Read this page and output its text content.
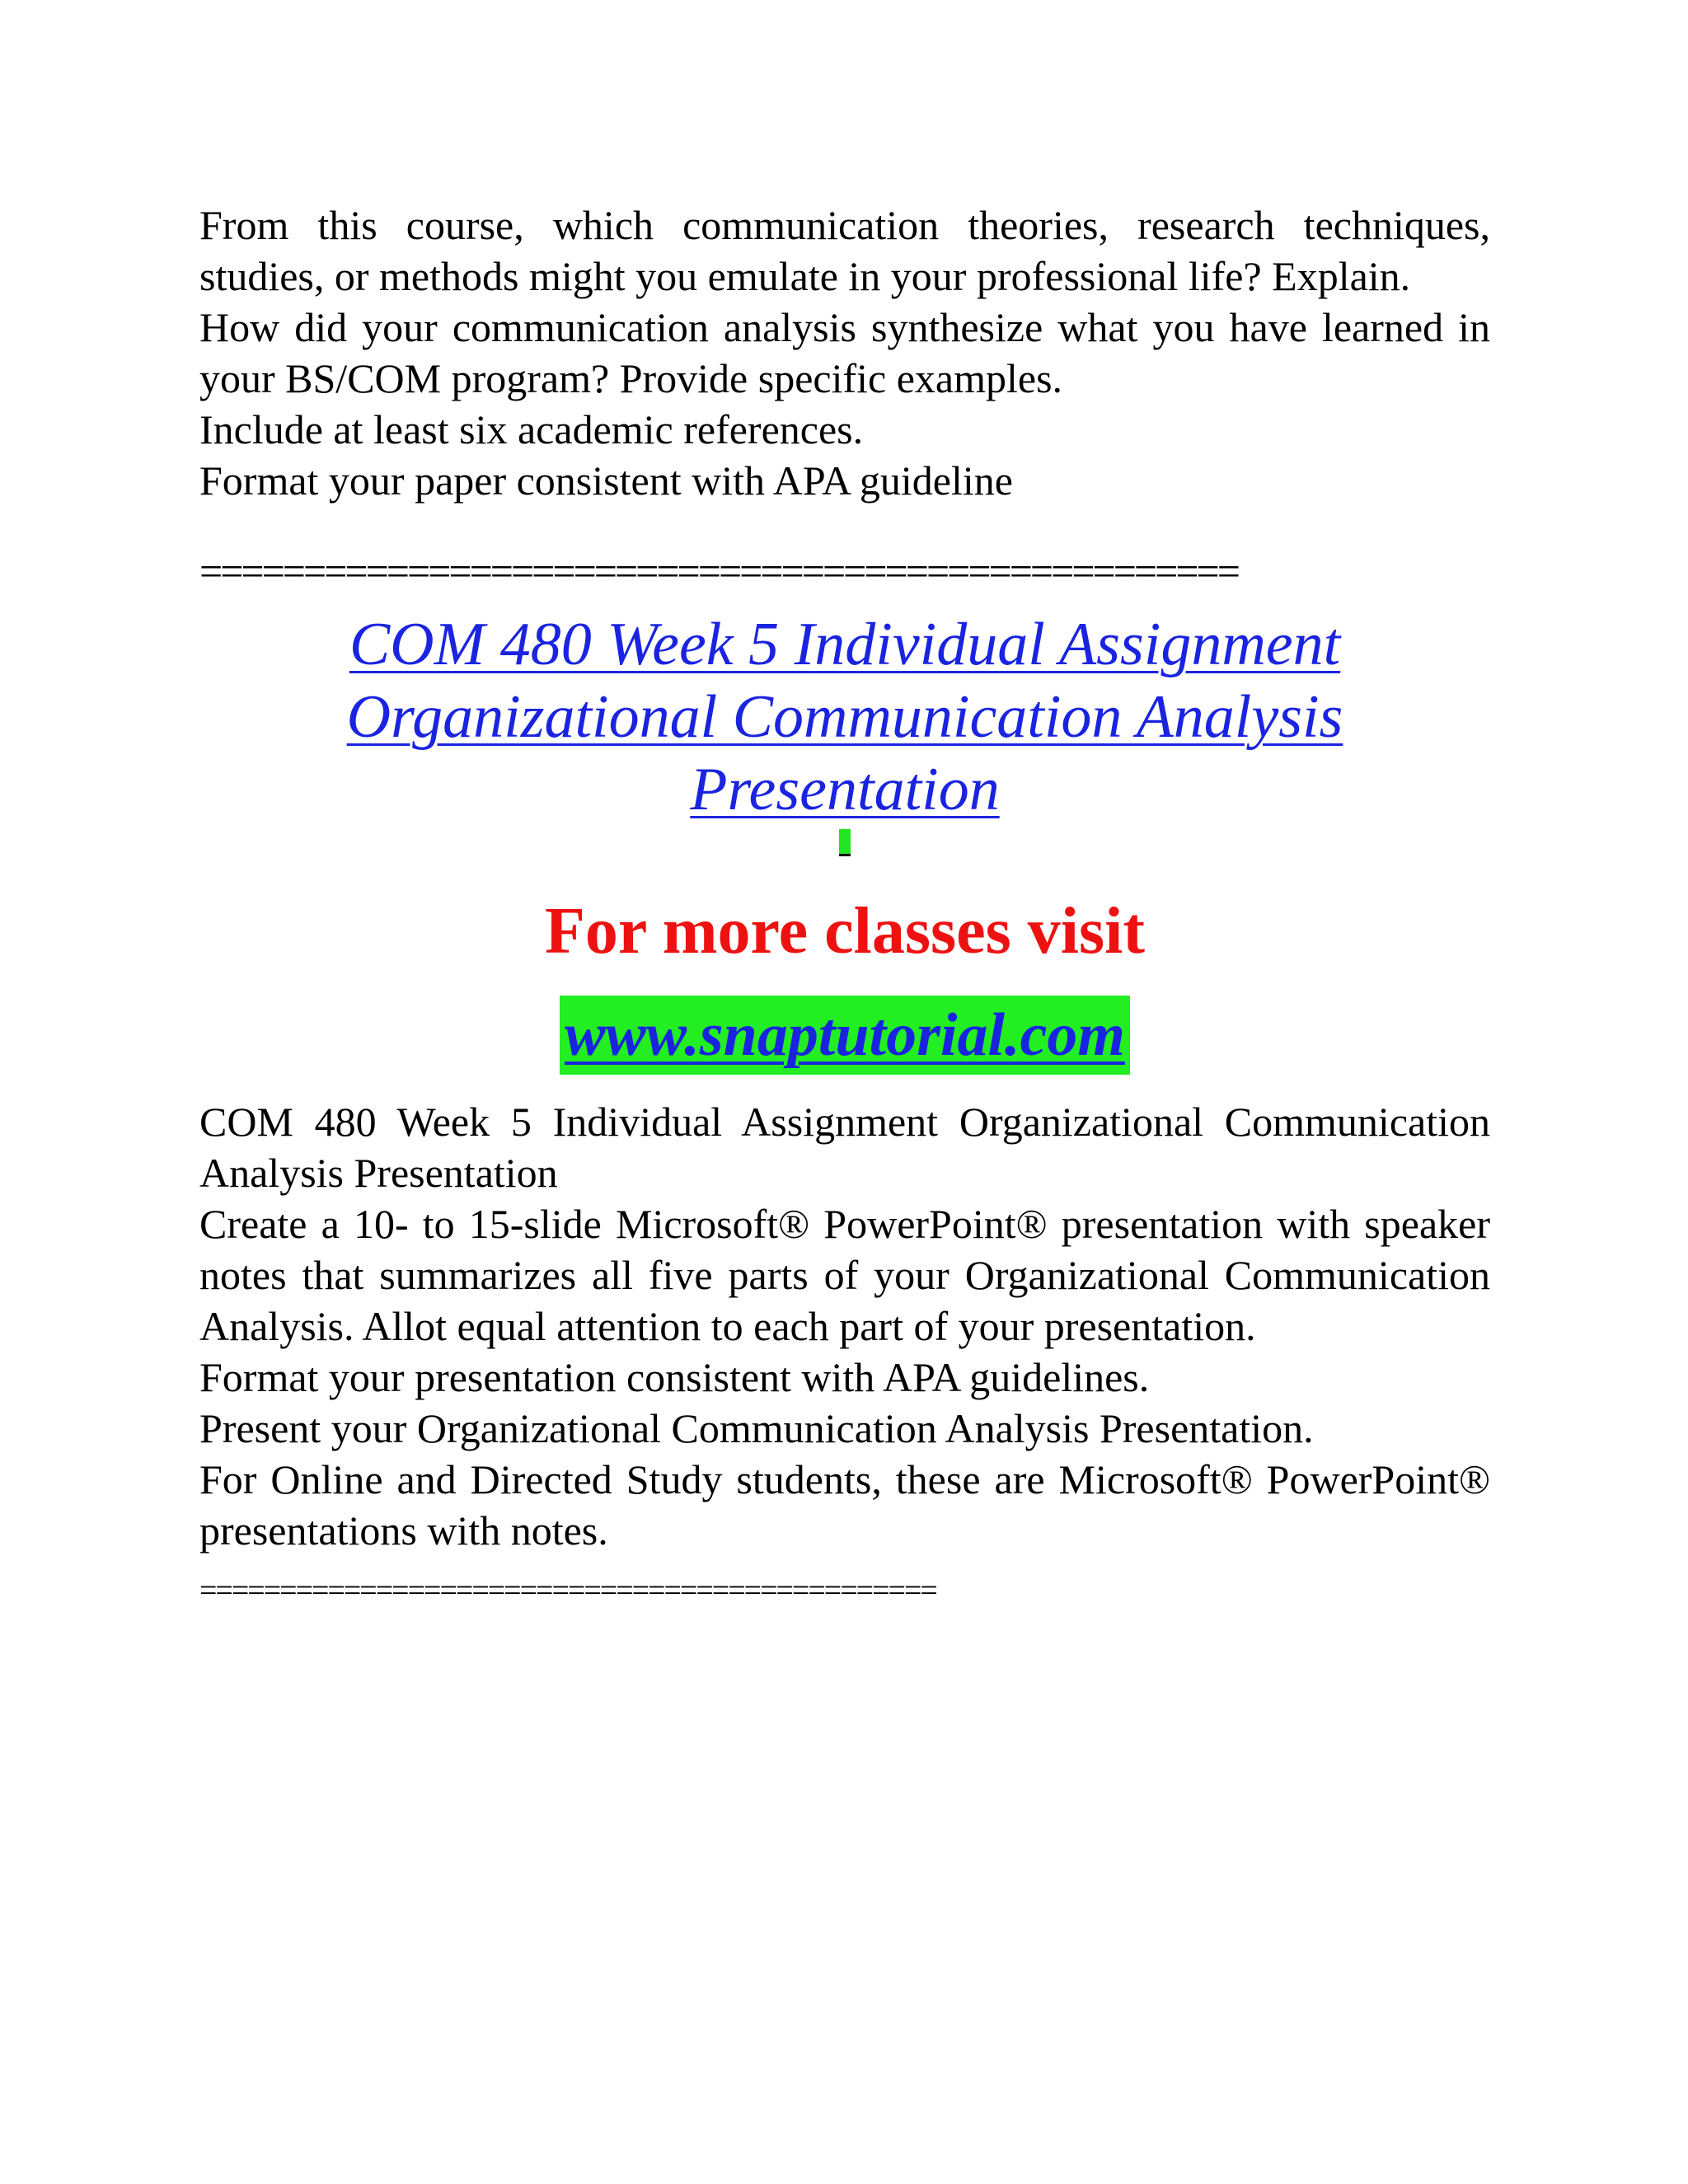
From this course, which communication theories, research techniques, studies, or methods might you emulate in your professional life? Explain.

How did your communication analysis synthesize what you have learned in your BS/COM program? Provide specific examples.

Include at least six academic references.

Format your paper consistent with APA guideline

==================================================

COM 480 Week 5 Individual Assignment
Organizational Communication Analysis
Presentation
For more classes visit
www.snaptutorial.com

COM 480 Week 5 Individual Assignment Organizational Communication Analysis Presentation

Create a 10- to 15-slide Microsoft® PowerPoint® presentation with speaker notes that summarizes all five parts of your Organizational Communication Analysis. Allot equal attention to each part of your presentation.

Format your presentation consistent with APA guidelines.

Present your Organizational Communication Analysis Presentation.

For Online and Directed Study students, these are Microsoft® PowerPoint® presentations with notes.

==============================================
